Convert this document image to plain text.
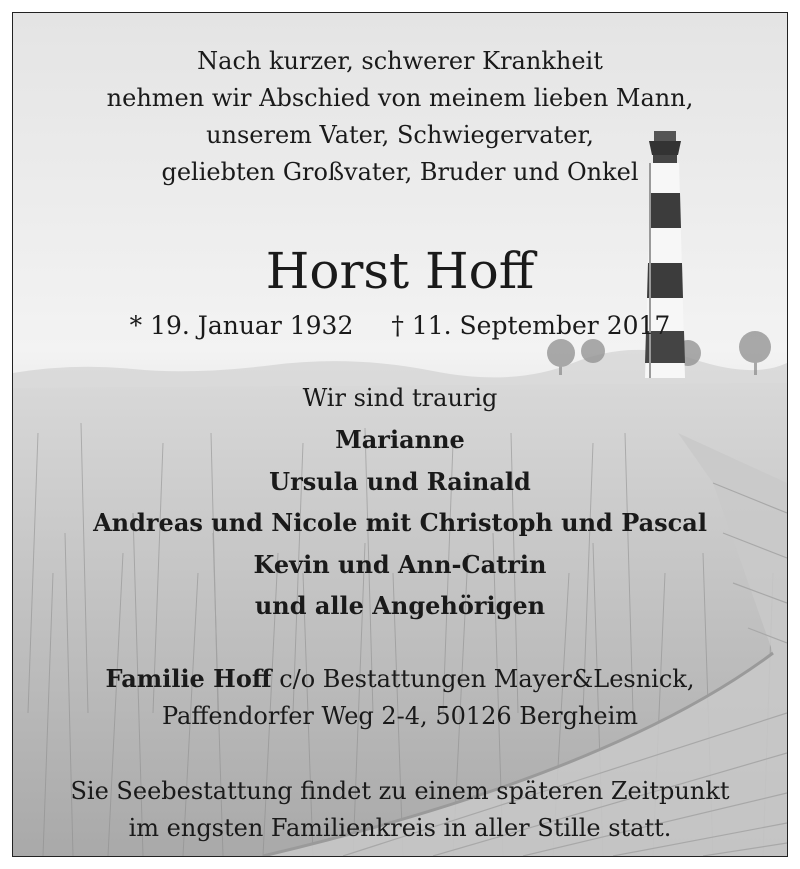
Nach kurzer, schwerer Krankheit
nehmen wir Abschied von meinem lieben Mann,
unserem Vater, Schwiegervater,
geliebten Großvater, Bruder und Onkel
Horst Hoff
* 19. Januar 1932 † 11. September 2017
Wir sind traurig
Marianne
Ursula und Rainald
Andreas und Nicole mit Christoph und Pascal
Kevin und Ann-Catrin
und alle Angehörigen
Familie Hoff c/o Bestattungen Mayer&Lesnick,
Paffendorfer Weg 2-4, 50126 Bergheim
Sie Seebestattung findet zu einem späteren Zeitpunkt
im engsten Familienkreis in aller Stille statt.
